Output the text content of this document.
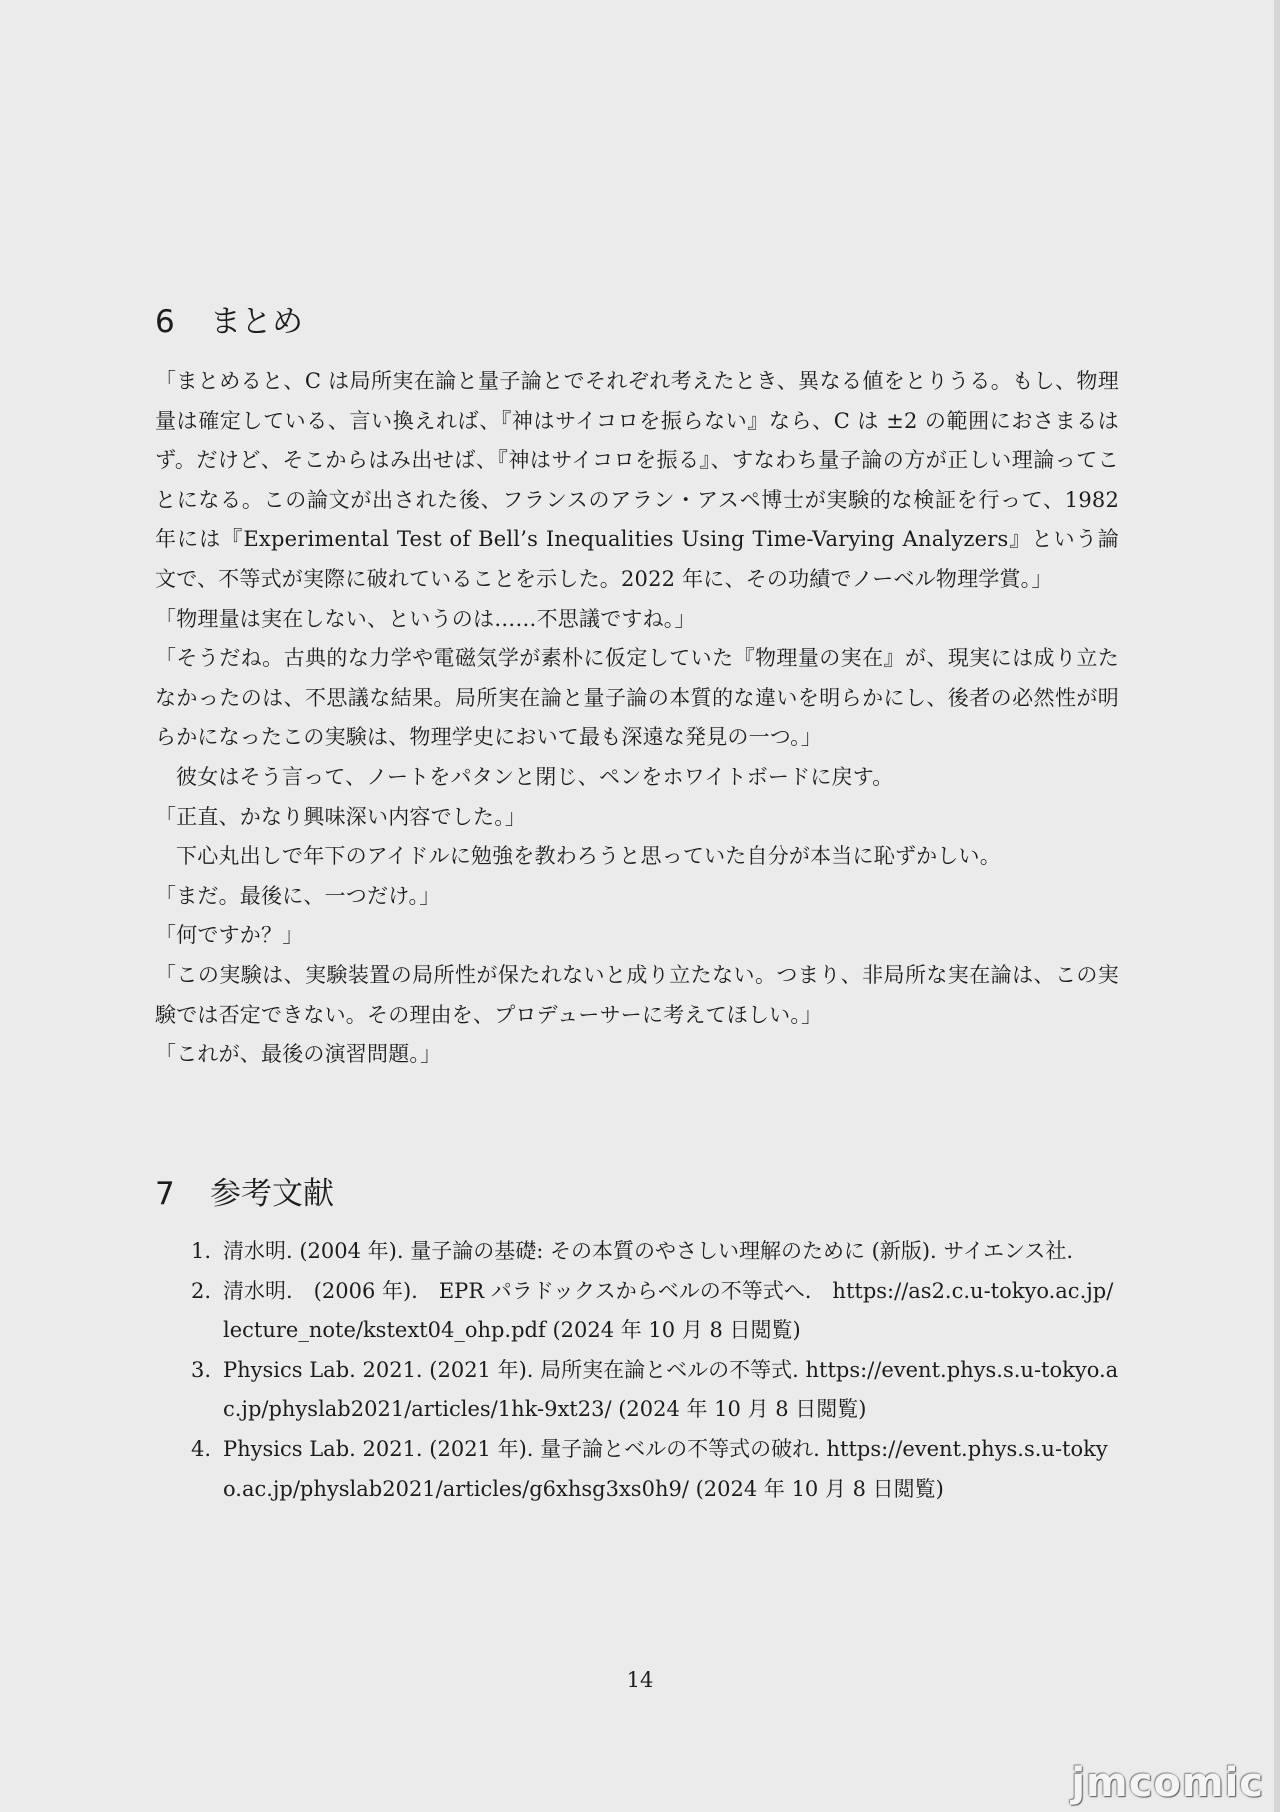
6 まとめ

「まとめると、C は局所実在論と量子論とでそれぞれ考えたとき、異なる値をとりうる。もし、物理量は確定している、言い換えれば、『神はサイコロを振らない』なら、C は ±2 の範囲におさまるはず。だけど、そこからはみ出せば、『神はサイコロを振る』、すなわち量子論の方が正しい理論ってことになる。この論文が出された後、フランスのアラン・アスペ博士が実験的な検証を行って、1982 年には『Experimental Test of Bell’s Inequalities Using Time-Varying Analyzers』という論文で、不等式が実際に破れていることを示した。2022 年に、その功績でノーベル物理学賞。」

「物理量は実在しない、というのは……不思議ですね。」

「そうだね。古典的な力学や電磁気学が素朴に仮定していた『物理量の実在』が、現実には成り立たなかったのは、不思議な結果。局所実在論と量子論の本質的な違いを明らかにし、後者の必然性が明らかになったこの実験は、物理学史において最も深遠な発見の一つ。」

彼女はそう言って、ノートをパタンと閉じ、ペンをホワイトボードに戻す。

「正直、かなり興味深い内容でした。」

下心丸出しで年下のアイドルに勉強を教わろうと思っていた自分が本当に恥ずかしい。

「まだ。最後に、一つだけ。」

「何ですか？」

「この実験は、実験装置の局所性が保たれないと成り立たない。つまり、非局所な実在論は、この実験では否定できない。その理由を、プロデューサーに考えてほしい。」

「これが、最後の演習問題。」

7 参考文献
1. 清水明. (2004 年). 量子論の基礎: その本質のやさしい理解のために (新版). サイエンス社.
2. 清水明.　(2006 年).　EPR パラドックスからベルの不等式へ.　https://as2.c.u-tokyo.ac.jp/lecture_note/kstext04_ohp.pdf (2024 年 10 月 8 日閲覧)
3. Physics Lab. 2021. (2021 年). 局所実在論とベルの不等式. https://event.phys.s.u-tokyo.ac.jp/physlab2021/articles/1hk-9xt23/ (2024 年 10 月 8 日閲覧)
4. Physics Lab. 2021. (2021 年). 量子論とベルの不等式の破れ. https://event.phys.s.u-tokyo.ac.jp/physlab2021/articles/g6xhsg3xs0h9/ (2024 年 10 月 8 日閲覧)
14
jmcomic
